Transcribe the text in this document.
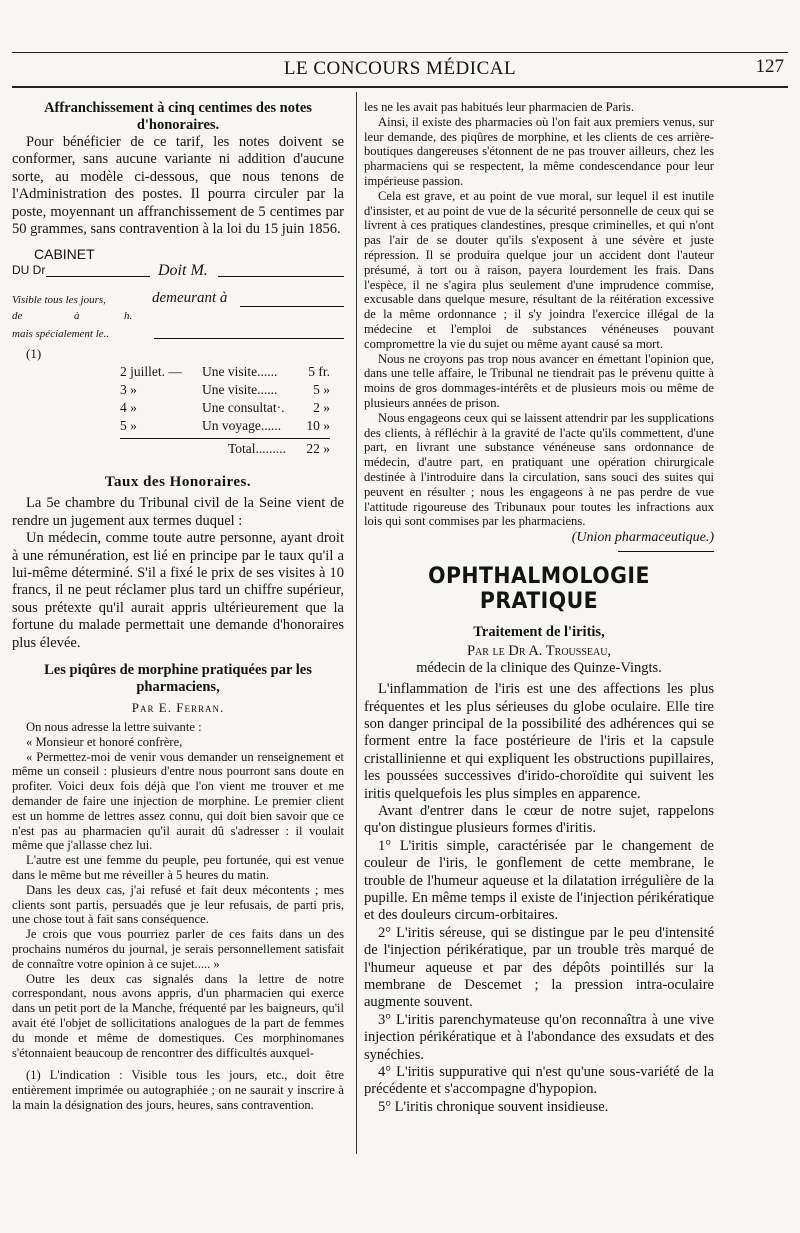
LE CONCOURS MÉDICAL	127
Affranchissement à cinq centimes des notes
d'honoraires.

Pour bénéficier de ce tarif, les notes doivent se conformer, sans aucune variante ni addition d'aucune sorte, au modèle ci-dessous, que nous tenons de l'Administration des postes. Il pourra circuler par la poste, moyennant un affranchissement de 5 centimes par 50 grammes, sans contravention à la loi du 15 juin 1856.

CABINET
DU Dr	Doit M.
Visible tous les jours,	demeurant à
de	à	h.
mais spécialement le..
(1)
2 juillet. — Une visite...... 5 fr.
3 »	Une visite......	5 »
4 »	Une consultat·. 2 »
5 »	Un voyage...... 10 »
Total......... 22 »
Taux des Honoraires.

La 5e chambre du Tribunal civil de la Seine vient de rendre un jugement aux termes duquel :

Un médecin, comme toute autre personne, ayant droit à une rémunération, est lié en principe par le taux qu'il a lui-même déterminé. S'il a fixé le prix de ses visites à 10 francs, il ne peut réclamer plus tard un chiffre supérieur, sous prétexte qu'il aurait appris ultérieurement que la fortune du malade permettait une demande d'honoraires plus élevée.

Les piqûres de morphine pratiquées par les
pharmaciens,
Par E. Ferran.

On nous adresse la lettre suivante :

« Monsieur et honoré confrère,

« Permettez-moi de venir vous demander un renseignement et même un conseil : plusieurs d'entre nous pourront sans doute en profiter. Voici deux fois déjà que l'on vient me trouver et me demander de faire une injection de morphine. Le premier client est un homme de lettres assez connu, qui doit bien savoir que ce n'est pas au pharmacien qu'il aurait dû s'adresser : il voulait même que j'allasse chez lui.

L'autre est une femme du peuple, peu fortunée, qui est venue dans le même but me réveiller à 5 heures du matin.

Dans les deux cas, j'ai refusé et fait deux mécontents ; mes clients sont partis, persuadés que je leur refusais, de parti pris, une chose tout à fait sans conséquence.

Je crois que vous pourriez parler de ces faits dans un des prochains numéros du journal, je serais personnellement satisfait de connaître votre opinion à ce sujet..... »

Outre les deux cas signalés dans la lettre de notre correspondant, nous avons appris, d'un pharmacien qui exerce dans un petit port de la Manche, fréquenté par les baigneurs, qu'il avait été l'objet de sollicitations analogues de la part de femmes du monde et même de domestiques. Ces morphinomanes s'étonnaient beaucoup de rencontrer des difficultés auxquel-

(1) L'indication : Visible tous les jours, etc., doit être entièrement imprimée ou autographiée ; on ne saurait y inscrire à la main la désignation des jours, heures, sans contravention.

les ne les avait pas habitués leur pharmacien de Paris.

Ainsi, il existe des pharmacies où l'on fait aux premiers venus, sur leur demande, des piqûres de morphine, et les clients de ces arrière-boutiques dangereuses s'étonnent de ne pas trouver ailleurs, chez les pharmaciens qui se respectent, la même condescendance pour leur impérieuse passion.

Cela est grave, et au point de vue moral, sur lequel il est inutile d'insister, et au point de vue de la sécurité personnelle de ceux qui se livrent à ces pratiques clandestines, presque criminelles, et qui n'ont pas l'air de se douter qu'ils s'exposent à une sévère et juste répression. Il se produira quelque jour un accident dont l'auteur présumé, à tort ou à raison, payera lourdement les frais. Dans l'espèce, il ne s'agira plus seulement d'une imprudence commise, excusable dans quelque mesure, résultant de la réitération excessive de la même ordonnance ; il s'y joindra l'exercice illégal de la médecine et l'emploi de substances vénéneuses pouvant compromettre la vie du sujet ou même ayant causé sa mort.

Nous ne croyons pas trop nous avancer en émettant l'opinion que, dans une telle affaire, le Tribunal ne tiendrait pas le prévenu quitte à moins de gros dommages-intérêts et de plusieurs mois ou même de plusieurs années de prison.

Nous engageons ceux qui se laissent attendrir par les supplications des clients, à réfléchir à la gravité de l'acte qu'ils commettent, d'une part, en livrant une substance vénéneuse sans ordonnance de médecin, d'autre part, en pratiquant une opération chirurgicale destinée à l'introduire dans la circulation, sans souci des suites qui peuvent en résulter ; nous les engageons à ne pas perdre de vue l'attitude rigoureuse des Tribunaux pour toutes les infractions aux lois qui sont commises par les pharmaciens.

(Union pharmaceutique.)
OPHTHALMOLOGIE PRATIQUE
Traitement de l'iritis,
Par le Dr A. Trousseau,
médecin de la clinique des Quinze-Vingts.

L'inflammation de l'iris est une des affections les plus fréquentes et les plus sérieuses du globe oculaire. Elle tire son danger principal de la possibilité des adhérences qui se forment entre la face postérieure de l'iris et la capsule cristallinienne et qui expliquent les obstructions pupillaires, les poussées successives d'irido-choroïdite qui suivent les iritis quelquefois les plus simples en apparence.

Avant d'entrer dans le cœur de notre sujet, rappelons qu'on distingue plusieurs formes d'iritis.

1° L'iritis simple, caractérisée par le changement de couleur de l'iris, le gonflement de cette membrane, le trouble de l'humeur aqueuse et la dilatation irrégulière de la pupille. En même temps il existe de l'injection périkératique et des douleurs circum-orbitaires.

2° L'iritis séreuse, qui se distingue par le peu d'intensité de l'injection périkératique, par un trouble très marqué de l'humeur aqueuse et par des dépôts pointillés sur la membrane de Descemet ; la pression intra-oculaire augmente souvent.

3° L'iritis parenchymateuse qu'on reconnaîtra à une vive injection périkératique et à l'abondance des exsudats et des synéchies.

4° L'iritis suppurative qui n'est qu'une sous-variété de la précédente et s'accompagne d'hypopion.

5° L'iritis chronique souvent insidieuse.
